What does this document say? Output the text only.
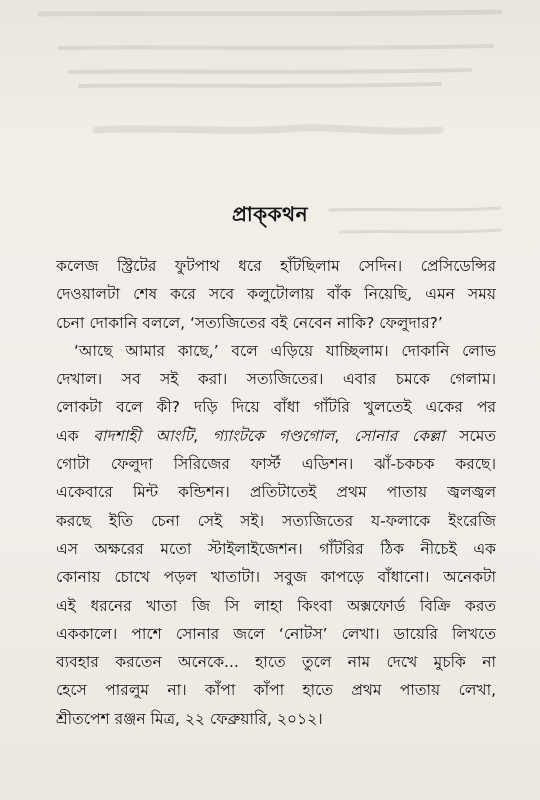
প্রাক্‌কথন
কলেজ স্ট্রিটের ফুটপাথ ধরে হাঁটছিলাম সেদিন। প্রেসিডেন্সির
দেওয়ালটা শেষ করে সবে কলুটোলায় বাঁক নিয়েছি, এমন সময়
চেনা দোকানি বললে, ‘সত্যজিতের বই নেবেন নাকি? ফেলুদার?’
‘আছে আমার কাছে,’ বলে এড়িয়ে যাচ্ছিলাম। দোকানি লোভ
দেখাল। সব সই করা। সত্যজিতের। এবার চমকে গেলাম।
লোকটা বলে কী? দড়ি দিয়ে বাঁধা গাঁটরি খুলতেই একের পর
এক বাদশাহী আংটি, গ্যাংটকে গণ্ডগোল, সোনার কেল্লা সমেত
গোটা ফেলুদা সিরিজের ফার্স্ট এডিশন। ঝাঁ-চকচক করছে।
একেবারে মিন্ট কন্ডিশন। প্রতিটাতেই প্রথম পাতায় জ্বলজ্বল
করছে ইতি চেনা সেই সই। সত্যজিতের য-ফলাকে ইংরেজি
এস অক্ষরের মতো স্টাইলাইজেশন। গাঁটরির ঠিক নীচেই এক
কোনায় চোখে পড়ল খাতাটা। সবুজ কাপড়ে বাঁধানো। অনেকটা
এই ধরনের খাতা জি সি লাহা কিংবা অক্সফোর্ড বিক্রি করত
এককালে। পাশে সোনার জলে ‘নোটস’ লেখা। ডায়েরি লিখতে
ব্যবহার করতেন অনেকে... হাতে তুলে নাম দেখে মুচকি না
হেসে পারলুম না। কাঁপা কাঁপা হাতে প্রথম পাতায় লেখা,
শ্রীতপেশ রঞ্জন মিত্র, ২২ ফেব্রুয়ারি, ২০১২।
